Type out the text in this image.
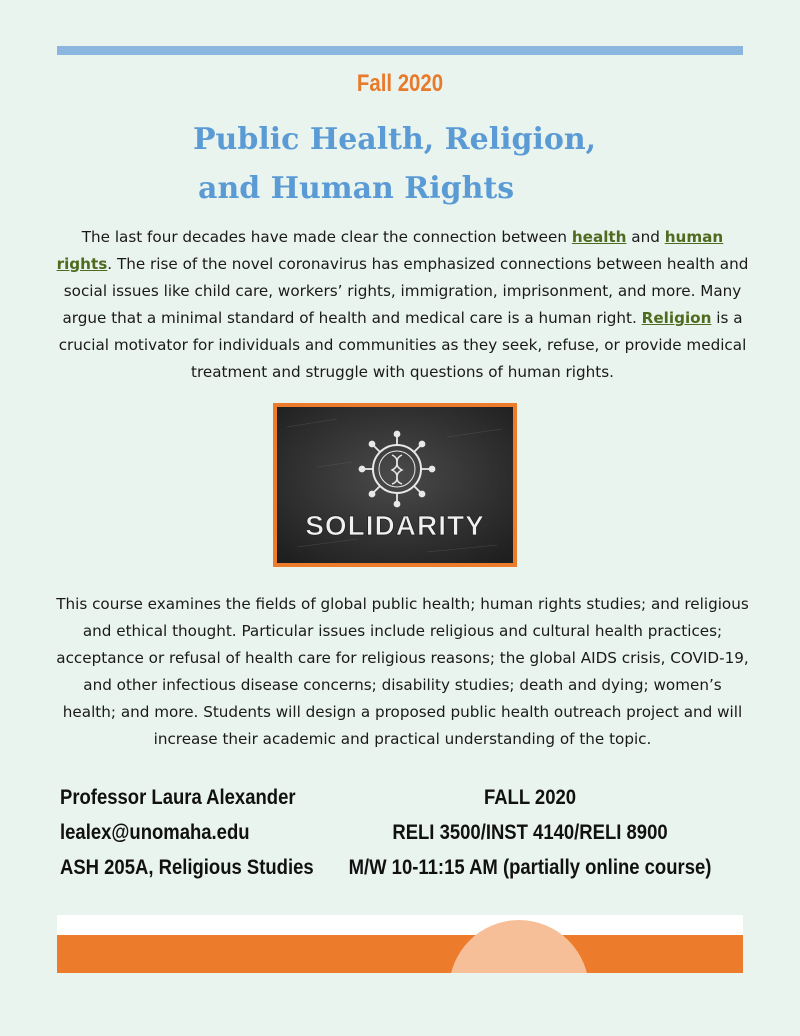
Fall 2020
Public Health, Religion,
and Human Rights

The last four decades have made clear the connection between health and human rights. The rise of the novel coronavirus has emphasized connections between health and social issues like child care, workers’ rights, immigration, imprisonment, and more. Many argue that a minimal standard of health and medical care is a human right. Religion is a crucial motivator for individuals and communities as they seek, refuse, or provide medical treatment and struggle with questions of human rights.

SOLIDARITY

This course examines the fields of global public health; human rights studies; and religious and ethical thought. Particular issues include religious and cultural health practices; acceptance or refusal of health care for religious reasons; the global AIDS crisis, COVID-19, and other infectious disease concerns; disability studies; death and dying; women’s health; and more. Students will design a proposed public health outreach project and will increase their academic and practical understanding of the topic.

Professor Laura Alexander
lealex@unomaha.edu
ASH 205A, Religious Studies
FALL 2020
RELI 3500/INST 4140/RELI 8900
M/W 10-11:15 AM (partially online course)
